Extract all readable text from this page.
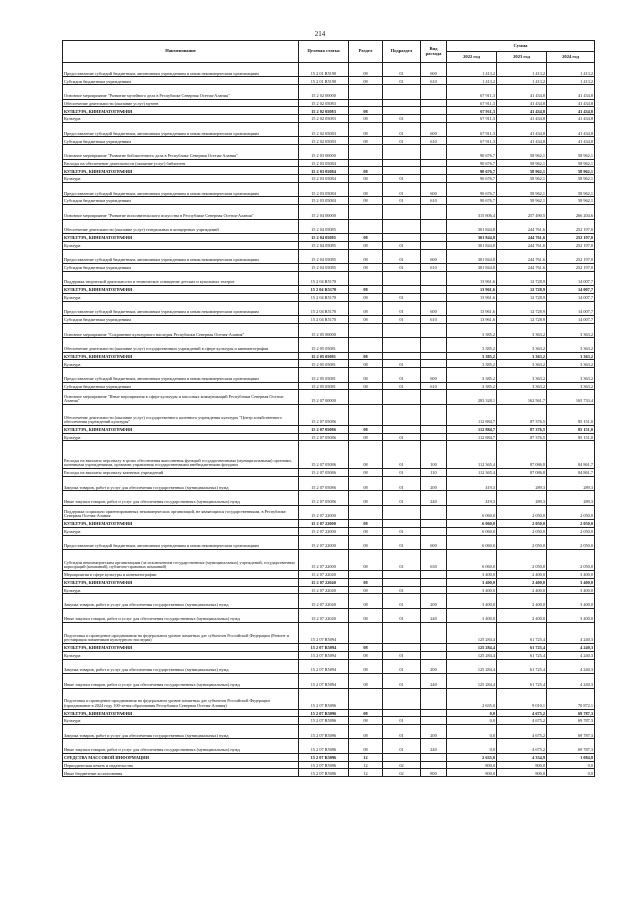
214
Наименование	Целевая статья	Раздел	Подраздел	Вид расхода	Сумма		
					2022 год	2023 год	2024 год
Предоставление субсидий бюджетным, автономным учреждениям и иным некоммерческим организациям	15 2 01 R5190	08	01	600	1 413,2	1 413,2	1 413,2
Субсидии бюджетным учреждениям	15 2 01 R5190	08	01	610	1 413,2	1 413,2	1 413,2
Основное мероприятие "Развитие музейного дела в Республике Северная Осетия-Алания"	15 2 02 00000				67 911,3	41 434,8	41 434,8
Обеспечение деятельности (оказание услуг) музеев	15 2 02 05083				67 911,3	41 434,8	41 434,8
КУЛЬТУРА, КИНЕМАТОГРАФИЯ	15 2 02 05083	08			67 911,3	41 434,8	41 434,8
Культура	15 2 02 05083	08	01		67 911,3	41 434,8	41 434,8
Предоставление субсидий бюджетным, автономным учреждениям и иным некоммерческим организациям	15 2 02 05083	08	01	600	67 911,3	41 434,8	41 434,8
Субсидии бюджетным учреждениям	15 2 02 05083	08	01	610	67 911,3	41 434,8	41 434,8
Основное мероприятие "Развитие библиотечного дела в Республике Северная Осетия-Алания"	15 2 03 00000				90 676,7	58 962,1	58 962,1
Расходы на обеспечение деятельности (оказание услуг) библиотек	15 2 03 05084				90 676,7	58 962,1	58 962,1
КУЛЬТУРА, КИНЕМАТОГРАФИЯ	15 2 03 05084	08			90 676,7	58 962,1	58 962,1
Культура	15 2 03 05084	08	01		90 676,7	58 962,1	58 962,1
Предоставление субсидий бюджетным, автономным учреждениям и иным некоммерческим организациям	15 2 03 05084	08	01	600	90 676,7	58 962,1	58 962,1
Субсидии бюджетным учреждениям	15 2 03 05084	08	01	610	90 676,7	58 962,1	58 962,1
Основное мероприятие "Развитие исполнительского искусства в Республике Северная Осетия-Алания"	15 2 04 00000				315 806,4	257 490,5	266 204,6
Обеспечение деятельности (оказание услуг) театральных и концертных учреждений	15 2 04 05085				301 844,8	244 761,6	252 197,0
КУЛЬТУРА, КИНЕМАТОГРАФИЯ	15 2 04 05085	08			301 844,8	244 761,6	252 197,0
Культура	15 2 04 05085	08	01		301 844,8	244 761,6	252 197,0
Предоставление субсидий бюджетным, автономным учреждениям и иным некоммерческим организациям	15 2 04 05085	08	01	600	301 844,8	244 761,6	252 197,0
Субсидии бюджетным учреждениям	15 2 04 05085	08	01	610	301 844,8	244 761,6	252 197,0
Поддержка творческой деятельности и техническое оснащение детских и кукольных театров	15 2 04 R5170				13 961,6	12 728,9	14 007,7
КУЛЬТУРА, КИНЕМАТОГРАФИЯ	15 2 04 R5170	08			13 961,6	12 728,9	14 007,7
Культура	15 2 04 R5170	08	01		13 961,6	12 728,9	14 007,7
Предоставление субсидий бюджетным, автономным учреждениям и иным некоммерческим организациям	15 2 04 R5170	08	01	600	13 961,6	12 728,9	14 007,7
Субсидии бюджетным учреждениям	15 2 04 R5170	08	01	610	13 961,6	12 728,9	14 007,7
Основное мероприятие "Сохранение культурного наследия Республики Северная Осетия-Алания"	15 2 05 00000				3 385,2	3 363,2	3 363,2
Обеспечение деятельности (оказание услуг) государственных учреждений в сфере культуры и кинематографии	15 2 05 05081				3 385,2	3 363,2	3 363,2
КУЛЬТУРА, КИНЕМАТОГРАФИЯ	15 2 05 05081	08			3 385,2	3 363,2	3 363,2
Культура	15 2 05 05081	08	01		3 385,2	3 363,2	3 363,2
Предоставление субсидий бюджетным, автономным учреждениям и иным некоммерческим организациям	15 2 05 05081	08	01	600	3 385,2	3 363,2	3 363,2
Субсидии бюджетным учреждениям	15 2 05 05081	08	01	610	3 385,2	3 363,2	3 363,2
Основное мероприятие "Иные мероприятия в сфере культуры и массовых коммуникаций Республики Северная Осетия-Алания"	15 2 07 00000				283 328,1	162 561,7	165 733,4
Обеспечение деятельности (оказание услуг) государственного казенного учреждения культуры "Центр хозяйственного обеспечения учреждений культуры"	15 2 07 05086				112 884,7	87 376,5	85 151,0
КУЛЬТУРА, КИНЕМАТОГРАФИЯ	15 2 07 05086	08			112 884,7	87 376,5	85 151,0
Культура	15 2 07 05086	08	01		112 884,7	87 376,5	85 151,0
Расходы на выплаты персоналу в целях обеспечения выполнения функций государственными (муниципальными) органами, казенными учреждениями, органами управления государственными внебюджетными фондами	15 2 07 05086	08	01	100	112 365,4	87 086,8	84 861,7
Расходы на выплаты персоналу казенных учреждений	15 2 07 05086	08	01	110	112 365,4	87 086,8	84 861,7
Закупка товаров, работ и услуг для обеспечения государственных (муниципальных) нужд	15 2 07 05086	08	01	200	419,3	289,3	289,3
Иные закупки товаров, работ и услуг для обеспечения государственных (муниципальных) нужд	15 2 07 05086	08	01	240	419,3	289,3	289,3
Поддержка социально ориентированных некоммерческих организаций, не являющихся государственными, в Республике Северная Осетия-Алания	15 2 07 22000				6 060,0	2 050,0	2 050,0
КУЛЬТУРА, КИНЕМАТОГРАФИЯ	15 2 07 22000	08			6 060,0	2 050,0	2 050,0
Культура	15 2 07 22000	08	01		6 060,0	2 050,0	2 050,0
Предоставление субсидий бюджетным, автономным учреждениям и иным некоммерческим организациям	15 2 07 22000	08	01	600	6 060,0	2 050,0	2 050,0
Субсидии некоммерческим организациям (за исключением государственных (муниципальных) учреждений, государственных корпораций (компаний), публично-правовых компаний)	15 2 07 22000	08	01	630	6 060,0	2 050,0	2 050,0
Мероприятия в сфере культуры и кинематографии	15 2 07 22040				3 400,0	2 400,0	3 400,0
КУЛЬТУРА, КИНЕМАТОГРАФИЯ	15 2 07 22040	08			3 400,0	2 400,0	3 400,0
Культура	15 2 07 22040	08	01		3 400,0	2 400,0	3 400,0
Закупка товаров, работ и услуг для обеспечения государственных (муниципальных) нужд	15 2 07 22040	08	01	200	3 400,0	2 400,0	3 400,0
Иные закупки товаров, работ и услуг для обеспечения государственных (муниципальных) нужд	15 2 07 22040	08	01	240	3 400,0	2 400,0	3 400,0
Подготовка и проведение празднования на федеральном уровне памятных дат субъектов Российской Федерации (Ремонт и реставрация памятников культурного наследия)	15 2 07 R5094				125 284,4	61 725,4	4 240,3
КУЛЬТУРА, КИНЕМАТОГРАФИЯ	15 2 07 R5094	08			125 284,4	61 725,4	4 240,3
Культура	15 2 07 R5094	08	01		125 284,4	61 725,4	4 240,3
Закупка товаров, работ и услуг для обеспечения государственных (муниципальных) нужд	15 2 07 R5094	08	01	200	125 284,4	61 725,4	4 240,3
Иные закупки товаров, работ и услуг для обеспечения государственных (муниципальных) нужд	15 2 07 R5094	08	01	240	125 284,4	61 725,4	4 240,3
Подготовка и проведение празднования на федеральном уровне памятных дат субъектов Российской Федерации (празднование в 2024 году 100-летия образования Республики Северная Осетия-Алания)	15 2 07 R5096				2 635,0	9 010,1	70 872,1
КУЛЬТУРА, КИНЕМАТОГРАФИЯ	15 2 07 R5096	08			0,0	4 675,2	69 787,3
Культура	15 2 07 R5096	08	01		0,0	4 675,2	69 787,3
Закупка товаров, работ и услуг для обеспечения государственных (муниципальных) нужд	15 2 07 R5096	08	01	200	0,0	4 675,2	69 787,3
Иные закупки товаров, работ и услуг для обеспечения государственных (муниципальных) нужд	15 2 07 R5096	08	01	240	0,0	4 675,2	69 787,3
СРЕДСТВА МАССОВОЙ ИНФОРМАЦИИ	15 2 07 R5096	12			2 635,0	4 334,9	1 084,8
Периодическая печать и издательства	15 2 07 R5096	12	02		800,0	800,0	0,0
Иные бюджетные ассигнования	15 2 07 R5096	12	02	800	800,0	800,0	0,0
